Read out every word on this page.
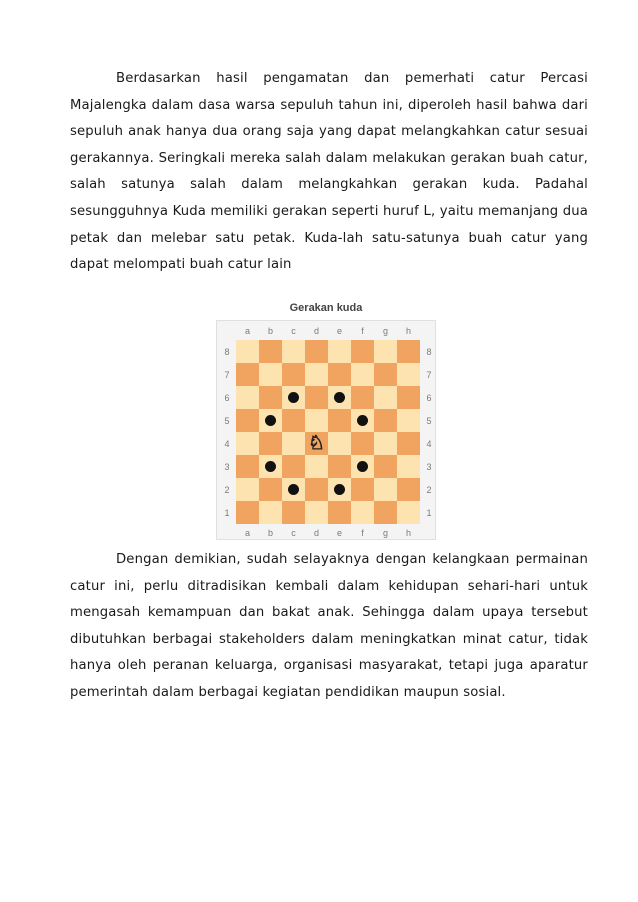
Berdasarkan hasil pengamatan dan pemerhati catur Percasi Majalengka dalam dasa warsa sepuluh tahun ini, diperoleh hasil bahwa dari sepuluh anak hanya dua orang saja yang dapat melangkahkan catur sesuai gerakannya. Seringkali mereka salah dalam melakukan gerakan buah catur, salah satunya salah dalam melangkahkan gerakan kuda. Padahal sesungguhnya Kuda memiliki gerakan seperti huruf L, yaitu memanjang dua petak dan melebar satu petak. Kuda-lah satu-satunya buah catur yang dapat melompati buah catur lain

Gerakan kuda
♘
a
a
b
b
c
c
d
d
e
e
f
f
g
g
h
h
8	8
7	7
6	6
5	5
4	4
3	3
2	2
1	1

Dengan demikian, sudah selayaknya dengan kelangkaan permainan catur ini, perlu ditradisikan kembali dalam kehidupan sehari-hari untuk mengasah kemampuan dan bakat anak. Sehingga dalam upaya tersebut dibutuhkan berbagai stakeholders dalam meningkatkan minat catur, tidak hanya oleh peranan keluarga, organisasi masyarakat, tetapi juga aparatur pemerintah dalam berbagai kegiatan pendidikan maupun sosial.
